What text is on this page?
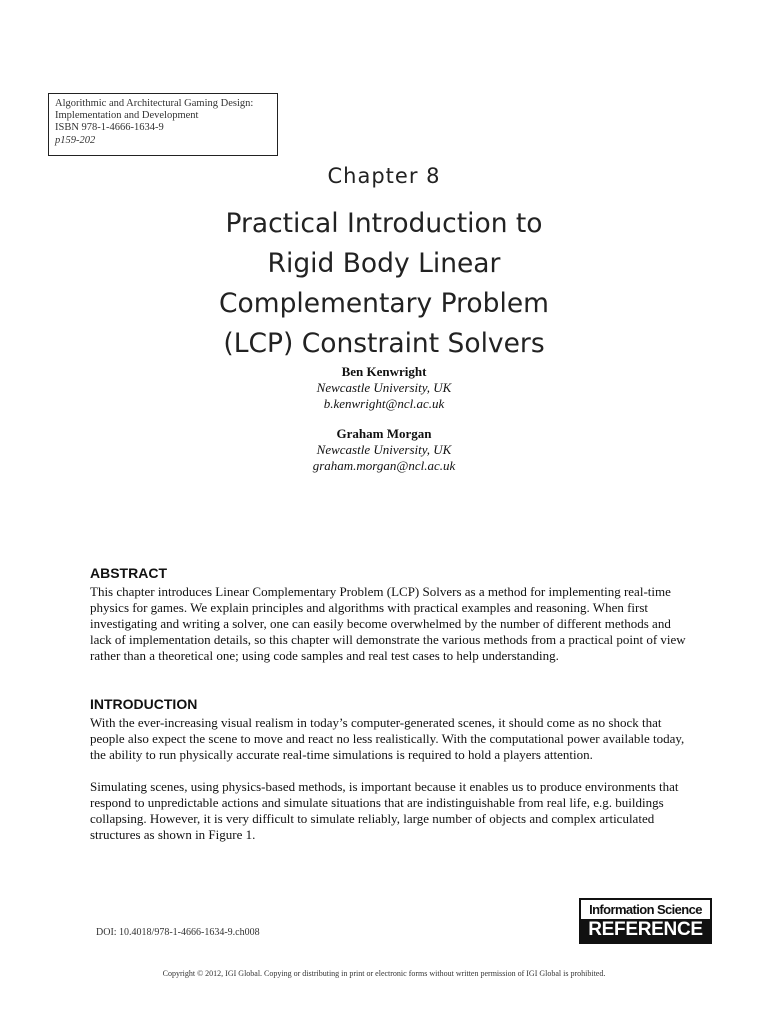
Algorithmic and Architectural Gaming Design:
Implementation and Development
ISBN 978-1-4666-1634-9
p159-202
Chapter 8
Practical Introduction to
Rigid Body Linear
Complementary Problem
(LCP) Constraint Solvers
Ben Kenwright
Newcastle University, UK
b.kenwright@ncl.ac.uk
Graham Morgan
Newcastle University, UK
graham.morgan@ncl.ac.uk
ABSTRACT

This chapter introduces Linear Complementary Problem (LCP) Solvers as a method for implementing real-time physics for games. We explain principles and algorithms with practical examples and reasoning. When first investigating and writing a solver, one can easily become overwhelmed by the number of different methods and lack of implementation details, so this chapter will demonstrate the various methods from a practical point of view rather than a theoretical one; using code samples and real test cases to help understanding.

INTRODUCTION

With the ever-increasing visual realism in today’s computer-generated scenes, it should come as no shock that people also expect the scene to move and react no less realistically. With the computational power available today, the ability to run physically accurate real-time simulations is required to hold a players attention.

Simulating scenes, using physics-based methods, is important because it enables us to produce environments that respond to unpredictable actions and simulate situations that are indistinguishable from real life, e.g. buildings collapsing. However, it is very difficult to simulate reliably, large number of objects and complex articulated structures as shown in Figure 1.

DOI: 10.4018/978-1-4666-1634-9.ch008
Information Science
REFERENCE
Copyright © 2012, IGI Global. Copying or distributing in print or electronic forms without written permission of IGI Global is prohibited.
